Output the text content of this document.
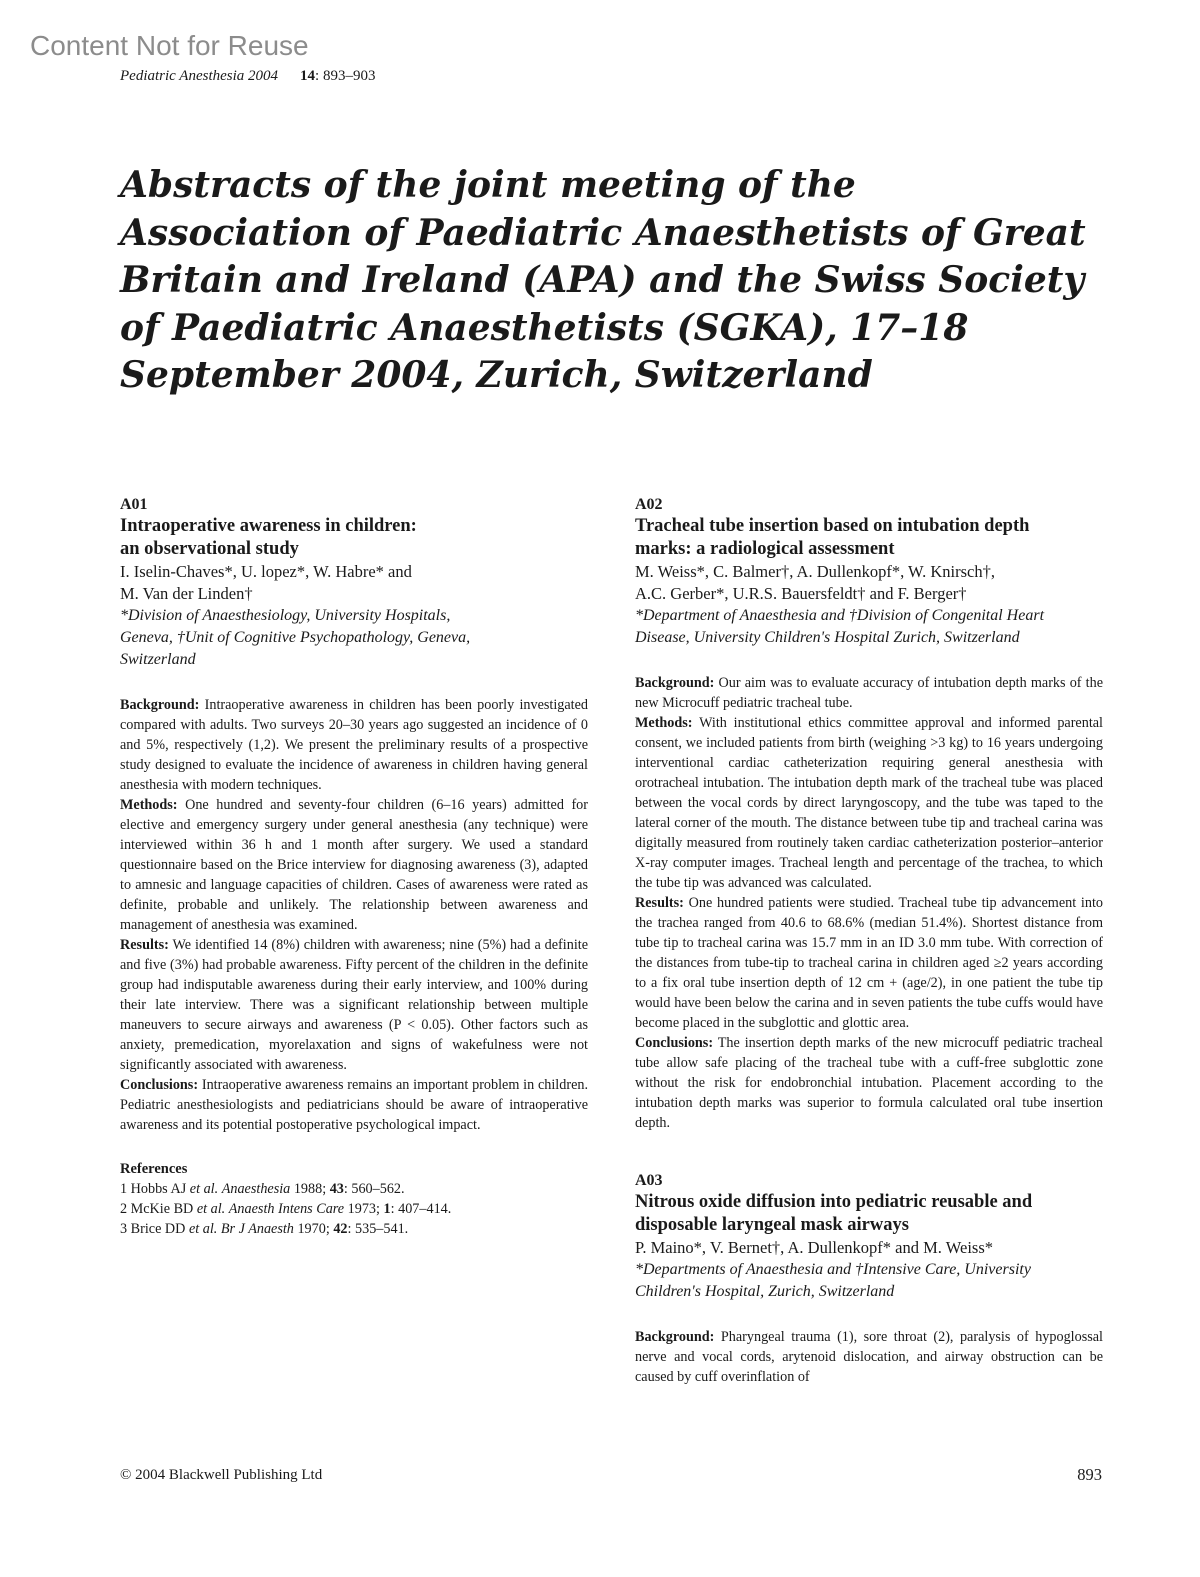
Content Not for Reuse
Pediatric Anesthesia 2004 14: 893–903
Abstracts of the joint meeting of the Association of Paediatric Anaesthetists of Great Britain and Ireland (APA) and the Swiss Society of Paediatric Anaesthetists (SGKA), 17–18 September 2004, Zurich, Switzerland

A01

Intraoperative awareness in children:

an observational study

I. Iselin-Chaves*, U. lopez*, W. Habre* and

M. Van der Linden†

*Division of Anaesthesiology, University Hospitals,

Geneva, †Unit of Cognitive Psychopathology, Geneva,

Switzerland

Background: Intraoperative awareness in children has been poorly investigated compared with adults. Two surveys 20–30 years ago suggested an incidence of 0 and 5%, respectively (1,2). We present the preliminary results of a prospective study designed to evaluate the incidence of awareness in children having general anesthesia with modern techniques.

Methods: One hundred and seventy-four children (6–16 years) admitted for elective and emergency surgery under general anesthesia (any technique) were interviewed within 36 h and 1 month after surgery. We used a standard questionnaire based on the Brice interview for diagnosing awareness (3), adapted to amnesic and language capacities of children. Cases of awareness were rated as definite, probable and unlikely. The relationship between awareness and management of anesthesia was examined.

Results: We identified 14 (8%) children with awareness; nine (5%) had a definite and five (3%) had probable awareness. Fifty percent of the children in the definite group had indisputable awareness during their early interview, and 100% during their late interview. There was a significant relationship between multiple maneuvers to secure airways and awareness (P < 0.05). Other factors such as anxiety, premedication, myorelaxation and signs of wakefulness were not significantly associated with awareness.

Conclusions: Intraoperative awareness remains an important problem in children. Pediatric anesthesiologists and pediatricians should be aware of intraoperative awareness and its potential postoperative psychological impact.

References

1 Hobbs AJ et al. Anaesthesia 1988; 43: 560–562.

2 McKie BD et al. Anaesth Intens Care 1973; 1: 407–414.

3 Brice DD et al. Br J Anaesth 1970; 42: 535–541.

A02

Tracheal tube insertion based on intubation depth

marks: a radiological assessment

M. Weiss*, C. Balmer†, A. Dullenkopf*, W. Knirsch†,

A.C. Gerber*, U.R.S. Bauersfeldt† and F. Berger†

*Department of Anaesthesia and †Division of Congenital Heart

Disease, University Children's Hospital Zurich, Switzerland

Background: Our aim was to evaluate accuracy of intubation depth marks of the new Microcuff pediatric tracheal tube.

Methods: With institutional ethics committee approval and informed parental consent, we included patients from birth (weighing >3 kg) to 16 years undergoing interventional cardiac catheterization requiring general anesthesia with orotracheal intubation. The intubation depth mark of the tracheal tube was placed between the vocal cords by direct laryngoscopy, and the tube was taped to the lateral corner of the mouth. The distance between tube tip and tracheal carina was digitally measured from routinely taken cardiac catheterization posterior–anterior X-ray computer images. Tracheal length and percentage of the trachea, to which the tube tip was advanced was calculated.

Results: One hundred patients were studied. Tracheal tube tip advancement into the trachea ranged from 40.6 to 68.6% (median 51.4%). Shortest distance from tube tip to tracheal carina was 15.7 mm in an ID 3.0 mm tube. With correction of the distances from tube-tip to tracheal carina in children aged ≥2 years according to a fix oral tube insertion depth of 12 cm + (age/2), in one patient the tube tip would have been below the carina and in seven patients the tube cuffs would have become placed in the subglottic and glottic area.

Conclusions: The insertion depth marks of the new microcuff pediatric tracheal tube allow safe placing of the tracheal tube with a cuff-free subglottic zone without the risk for endobronchial intubation. Placement according to the intubation depth marks was superior to formula calculated oral tube insertion depth.

A03

Nitrous oxide diffusion into pediatric reusable and

disposable laryngeal mask airways

P. Maino*, V. Bernet†, A. Dullenkopf* and M. Weiss*

*Departments of Anaesthesia and †Intensive Care, University

Children's Hospital, Zurich, Switzerland

Background: Pharyngeal trauma (1), sore throat (2), paralysis of hypoglossal nerve and vocal cords, arytenoid dislocation, and airway obstruction can be caused by cuff overinflation of

© 2004 Blackwell Publishing Ltd	893
